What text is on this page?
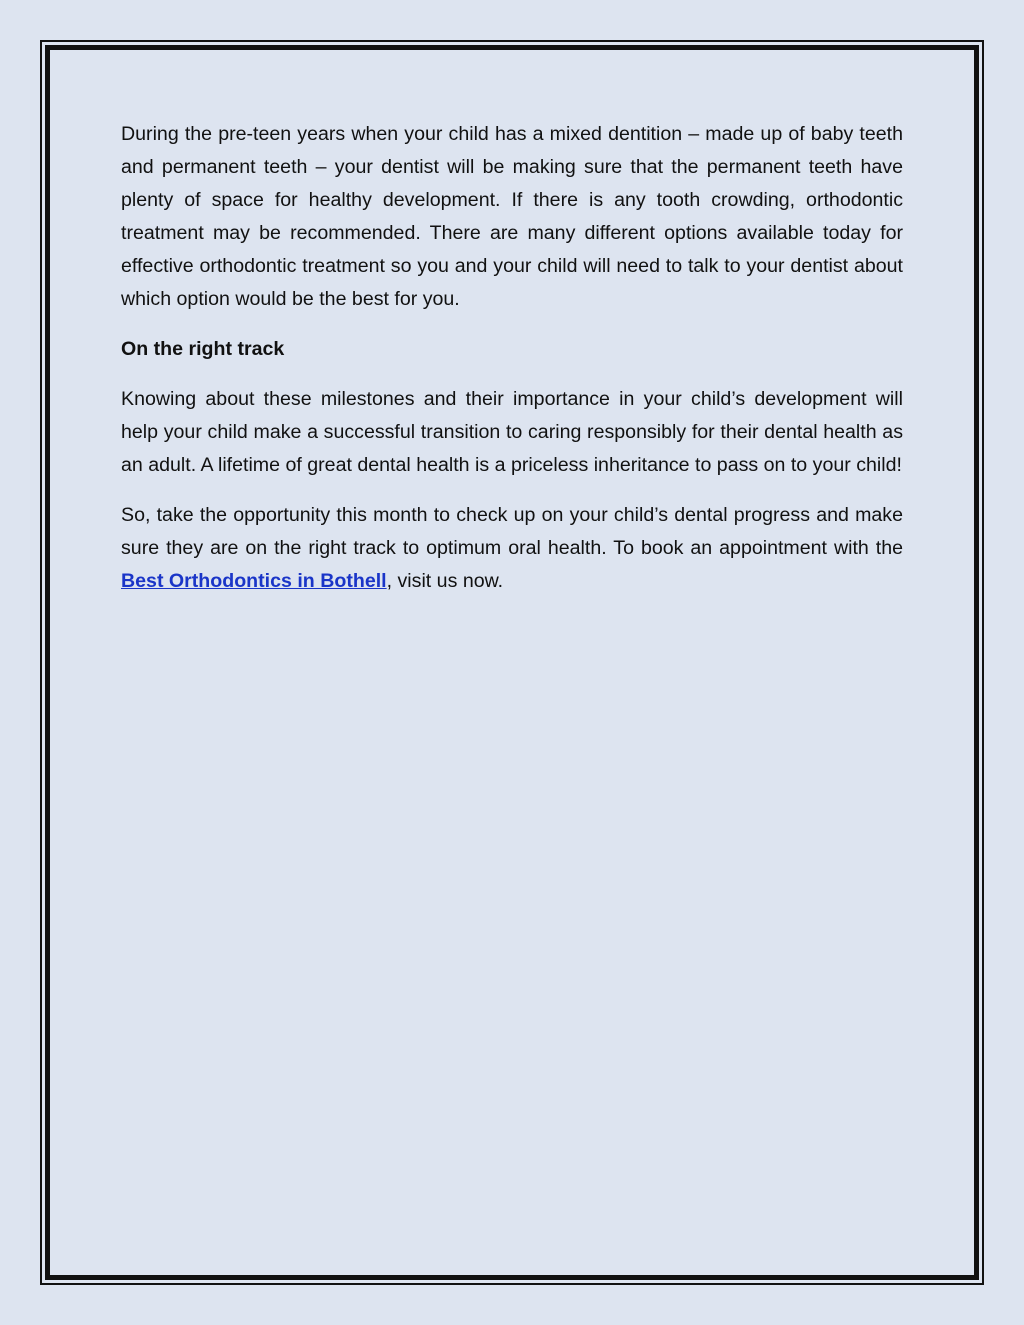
During the pre-teen years when your child has a mixed dentition – made up of baby teeth and permanent teeth – your dentist will be making sure that the permanent teeth have plenty of space for healthy development. If there is any tooth crowding, orthodontic treatment may be recommended. There are many different options available today for effective orthodontic treatment so you and your child will need to talk to your dentist about which option would be the best for you.

On the right track

Knowing about these milestones and their importance in your child’s development will help your child make a successful transition to caring responsibly for their dental health as an adult. A lifetime of great dental health is a priceless inheritance to pass on to your child!

So, take the opportunity this month to check up on your child’s dental progress and make sure they are on the right track to optimum oral health. To book an appointment with the Best Orthodontics in Bothell, visit us now.
